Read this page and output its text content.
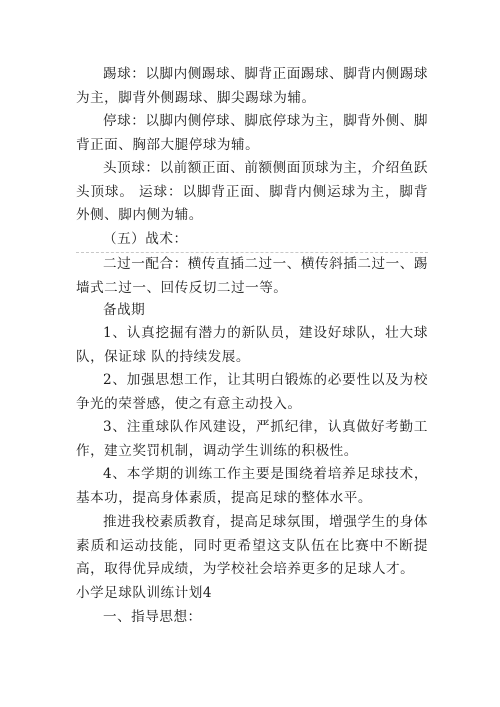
踢球：以脚内侧踢球、脚背正面踢球、脚背内侧踢球为主，脚背外侧踢球、脚尖踢球为辅。

停球：以脚内侧停球、脚底停球为主，脚背外侧、脚背正面、胸部大腿停球为辅。

头顶球：以前额正面、前额侧面顶球为主，介绍鱼跃头顶球。 运球：以脚背正面、脚背内侧运球为主，脚背外侧、脚内侧为辅。

（五）战术：

二过一配合：横传直插二过一、横传斜插二过一、踢墙式二过一、回传反切二过一等。

备战期

1、认真挖掘有潜力的新队员，建设好球队，壮大球队，保证球 队的持续发展。

2、加强思想工作，让其明白锻炼的必要性以及为校争光的荣誉感，使之有意主动投入。

3、注重球队作风建设，严抓纪律，认真做好考勤工作，建立奖罚机制，调动学生训练的积极性。

4、本学期的训练工作主要是围绕着培养足球技术，基本功，提高身体素质，提高足球的整体水平。

推进我校素质教育，提高足球氛围，增强学生的身体素质和运动技能，同时更希望这支队伍在比赛中不断提高，取得优异成绩，为学校社会培养更多的足球人才。

小学足球队训练计划4

一、指导思想：
